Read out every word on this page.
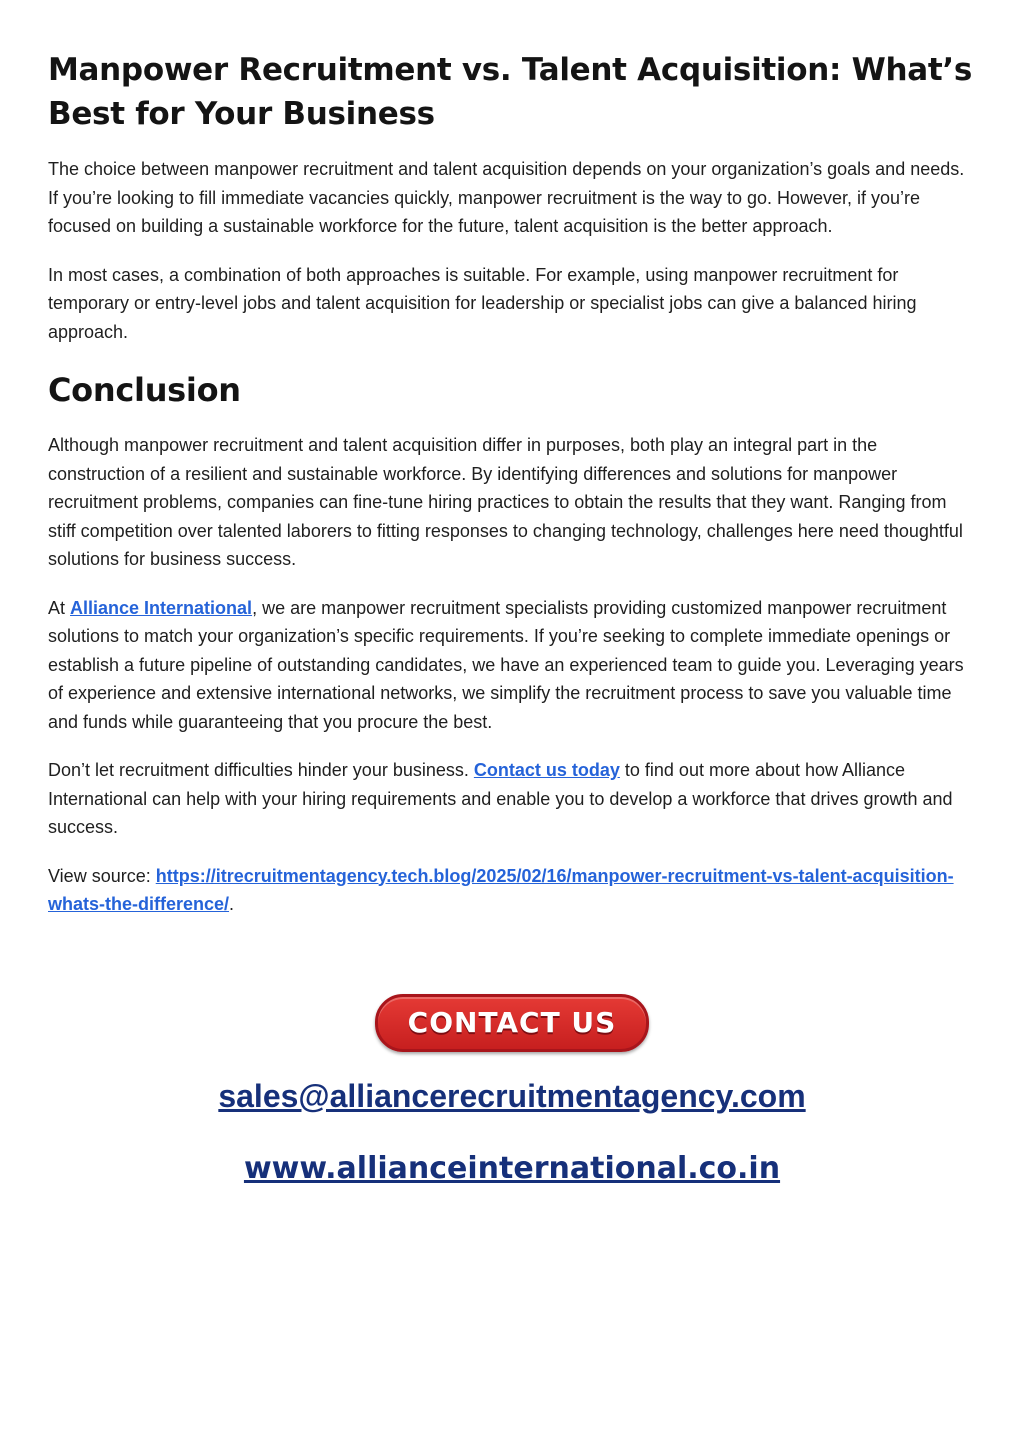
Manpower Recruitment vs. Talent Acquisition: What’s Best for Your Business

The choice between manpower recruitment and talent acquisition depends on your organization’s goals and needs. If you’re looking to fill immediate vacancies quickly, manpower recruitment is the way to go. However, if you’re focused on building a sustainable workforce for the future, talent acquisition is the better approach.

In most cases, a combination of both approaches is suitable. For example, using manpower recruitment for temporary or entry-level jobs and talent acquisition for leadership or specialist jobs can give a balanced hiring approach.

Conclusion

Although manpower recruitment and talent acquisition differ in purposes, both play an integral part in the construction of a resilient and sustainable workforce. By identifying differences and solutions for manpower recruitment problems, companies can fine-tune hiring practices to obtain the results that they want. Ranging from stiff competition over talented laborers to fitting responses to changing technology, challenges here need thoughtful solutions for business success.

At Alliance International, we are manpower recruitment specialists providing customized manpower recruitment solutions to match your organization’s specific requirements. If you’re seeking to complete immediate openings or establish a future pipeline of outstanding candidates, we have an experienced team to guide you. Leveraging years of experience and extensive international networks, we simplify the recruitment process to save you valuable time and funds while guaranteeing that you procure the best.

Don’t let recruitment difficulties hinder your business. Contact us today to find out more about how Alliance International can help with your hiring requirements and enable you to develop a workforce that drives growth and success.

View source: https://itrecruitmentagency.tech.blog/2025/02/16/manpower-recruitment-vs-talent-acquisition-whats-the-difference/.

CONTACT US
sales@alliancerecruitmentagency.com
www.allianceinternational.co.in
